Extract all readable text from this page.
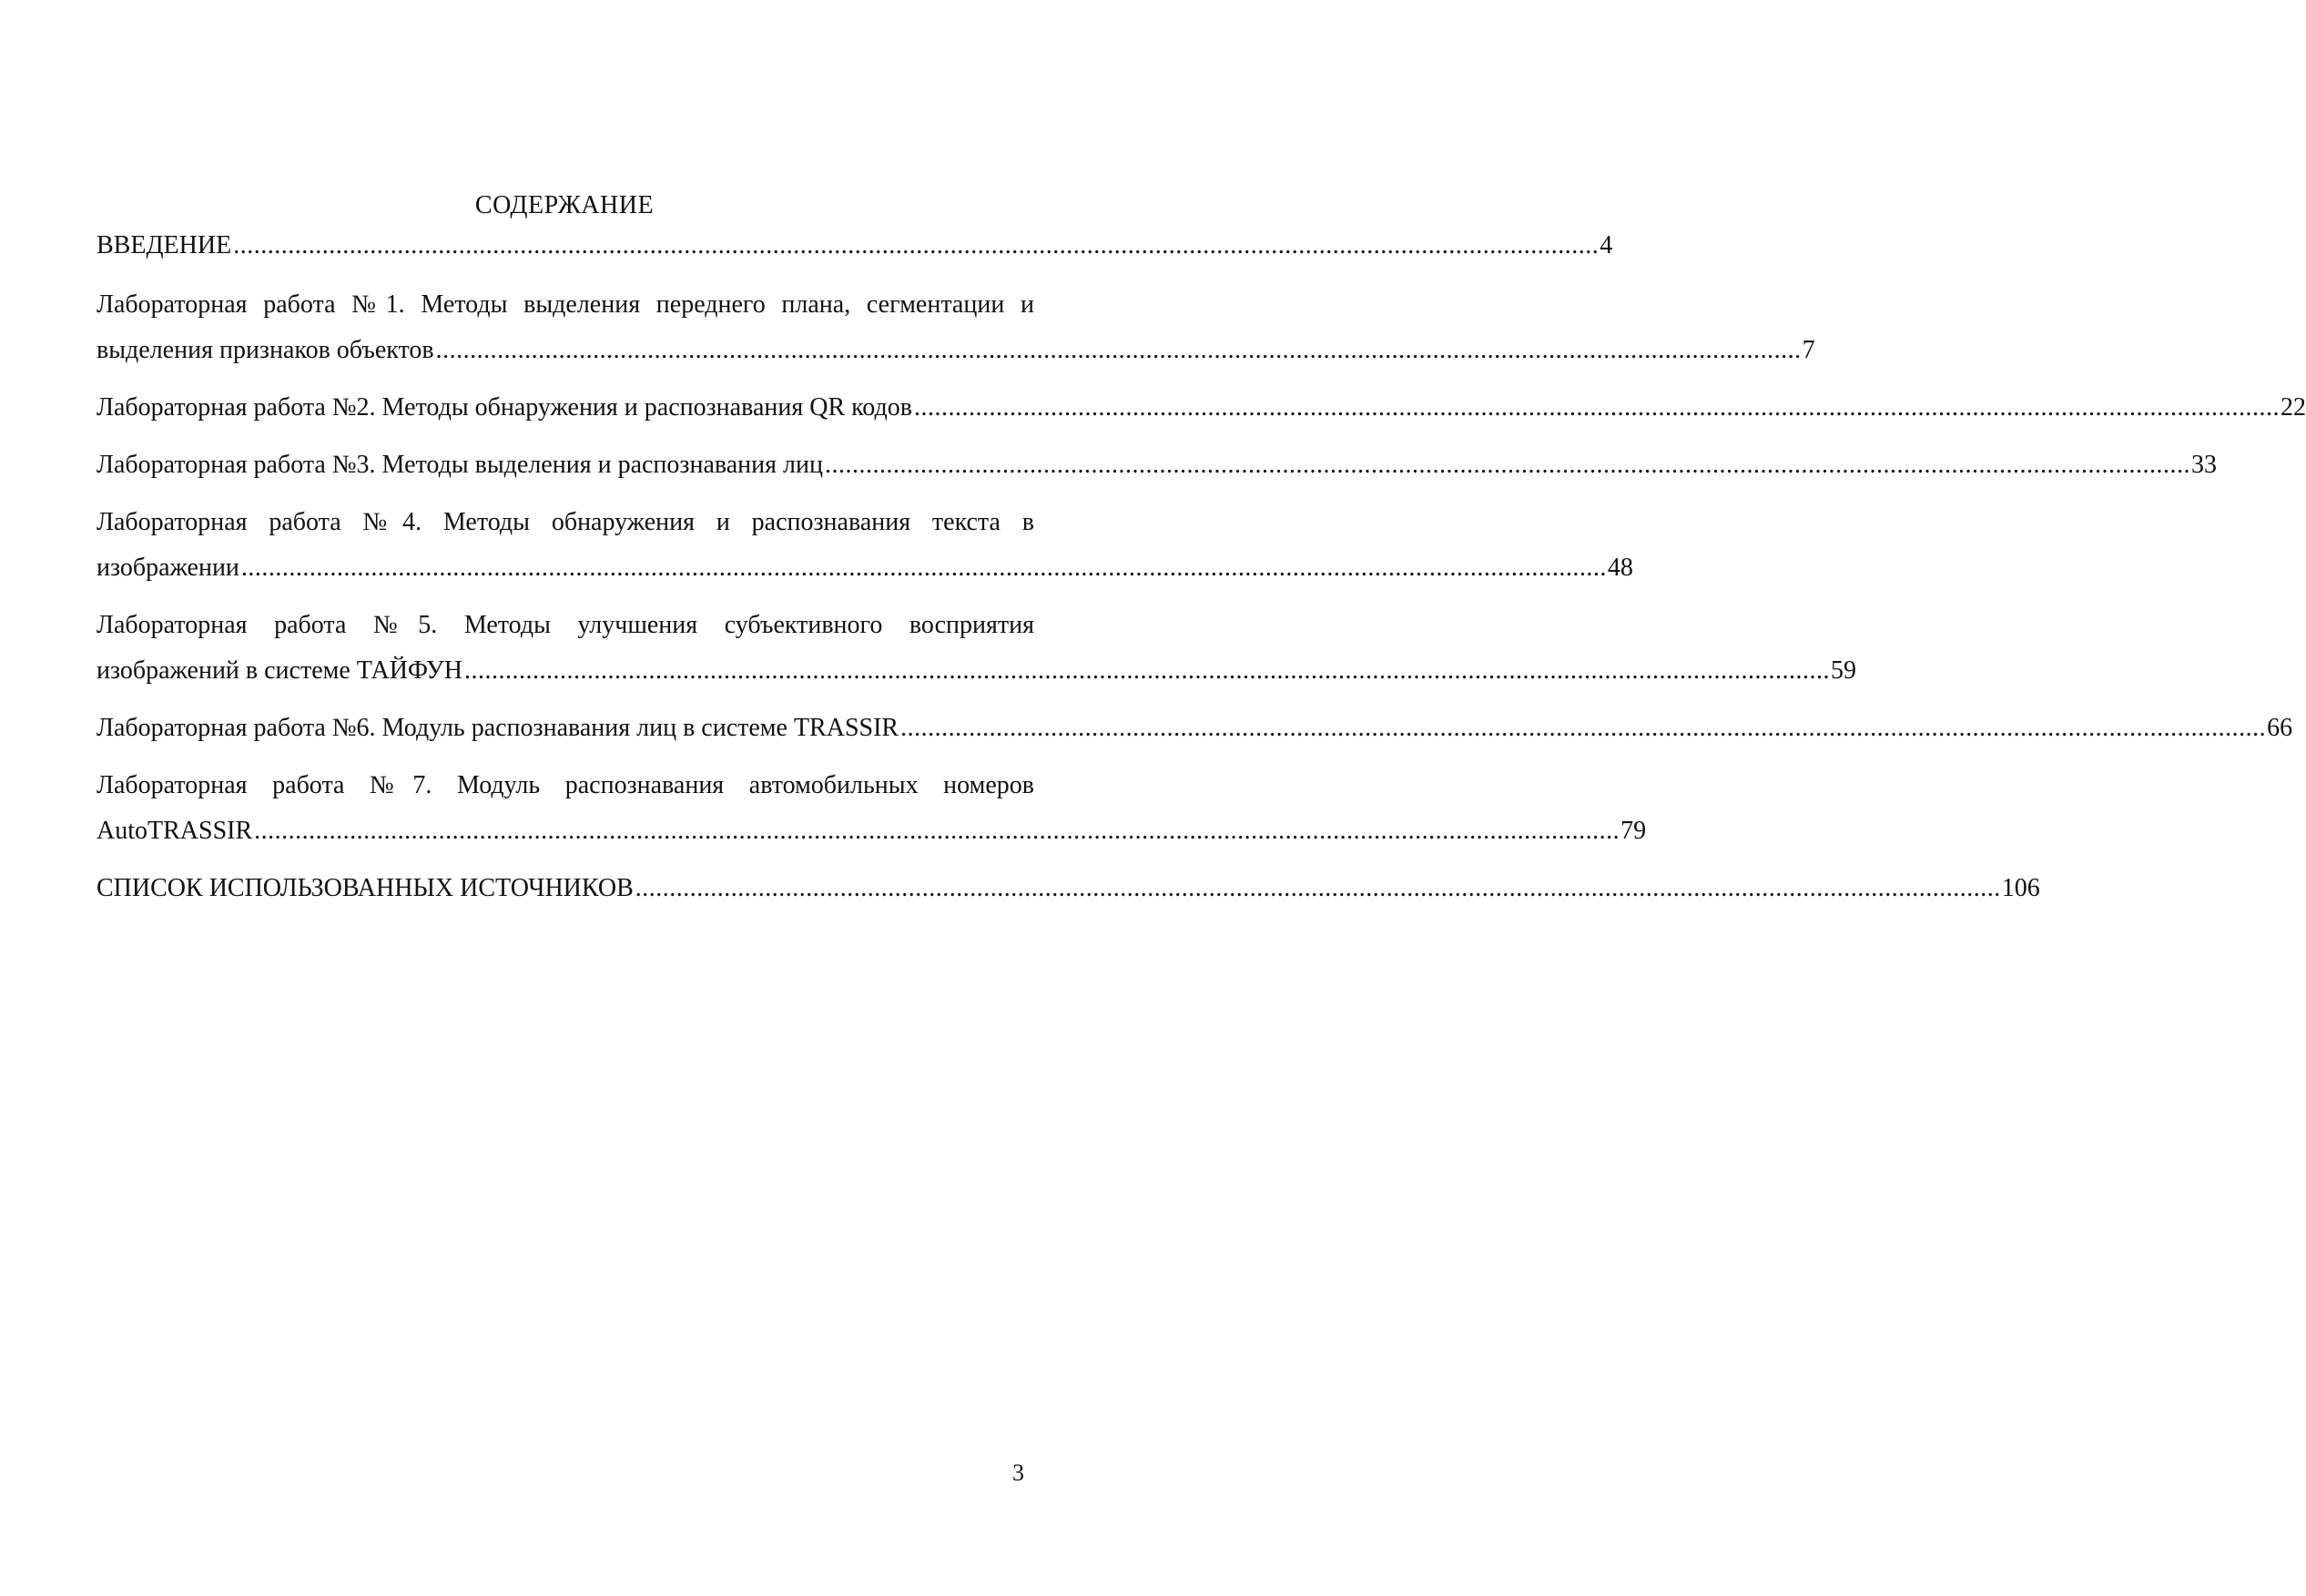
СОДЕРЖАНИЕ
ВВЕДЕНИЕ ........................................................................................................................................................................................................ 4
Лабораторная работа №1. Методы выделения переднего плана, сегментации и
выделения признаков объектов ........................................................................................................................................................................................................ 7
Лабораторная работа №2. Методы обнаружения и распознавания QR кодов ........................................................................................................................................................................................................ 22
Лабораторная работа №3. Методы выделения и распознавания лиц ........................................................................................................................................................................................................ 33
Лабораторная работа №4. Методы обнаружения и распознавания текста в
изображении ........................................................................................................................................................................................................ 48
Лабораторная работа №5. Методы улучшения субъективного восприятия
изображений в системе ТАЙФУН ........................................................................................................................................................................................................ 59
Лабораторная работа №6. Модуль распознавания лиц в системе TRASSIR ........................................................................................................................................................................................................ 66
Лабораторная работа №7. Модуль распознавания автомобильных номеров
AutoTRASSIR ........................................................................................................................................................................................................ 79
СПИСОК ИСПОЛЬЗОВАННЫХ ИСТОЧНИКОВ ........................................................................................................................................................................................................ 106
3
